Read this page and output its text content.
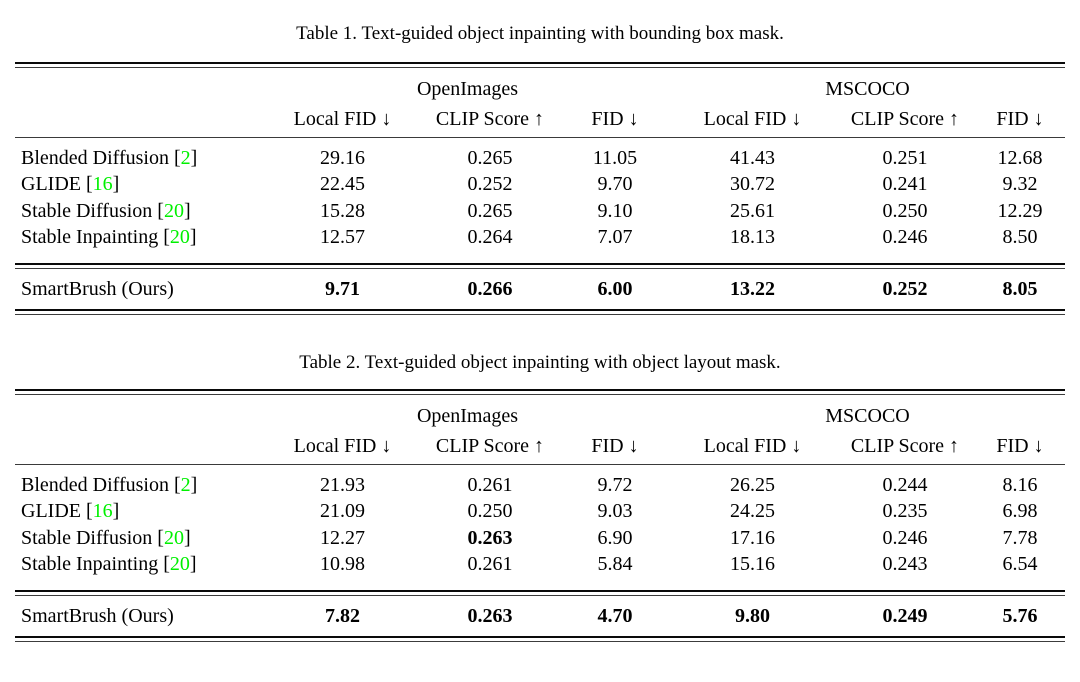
Table 1. Text-guided object inpainting with bounding box mask.
OpenImages	MSCOCO
Local FID ↓	CLIP Score ↑	FID ↓	Local FID ↓	CLIP Score ↑	FID ↓
Blended Diffusion [2]	29.16	0.265	11.05	41.43	0.251	12.68
GLIDE [16]	22.45	0.252	9.70	30.72	0.241	9.32
Stable Diffusion [20]	15.28	0.265	9.10	25.61	0.250	12.29
Stable Inpainting [20]	12.57	0.264	7.07	18.13	0.246	8.50
SmartBrush (Ours)	9.71	0.266	6.00	13.22	0.252	8.05
Table 2. Text-guided object inpainting with object layout mask.
OpenImages	MSCOCO
Local FID ↓	CLIP Score ↑	FID ↓	Local FID ↓	CLIP Score ↑	FID ↓
Blended Diffusion [2]	21.93	0.261	9.72	26.25	0.244	8.16
GLIDE [16]	21.09	0.250	9.03	24.25	0.235	6.98
Stable Diffusion [20]	12.27	0.263	6.90	17.16	0.246	7.78
Stable Inpainting [20]	10.98	0.261	5.84	15.16	0.243	6.54
SmartBrush (Ours)	7.82	0.263	4.70	9.80	0.249	5.76
